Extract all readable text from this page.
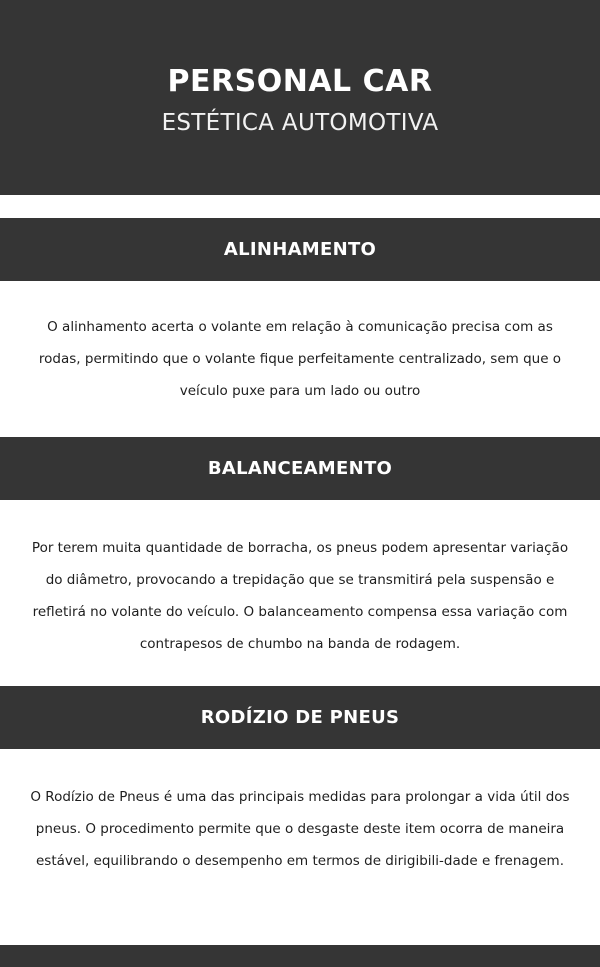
PERSONAL CAR
ESTÉTICA AUTOMOTIVA
ALINHAMENTO
O alinhamento acerta o volante em relação à comunicação precisa com as rodas, permitindo que o volante fique perfeitamente centralizado, sem que o veículo puxe para um lado ou outro
BALANCEAMENTO
Por terem muita quantidade de borracha, os pneus podem apresentar variação do diâmetro, provocando a trepidação que se transmitirá pela suspensão e refletirá no volante do veículo. O balanceamento compensa essa variação com contrapesos de chumbo na banda de rodagem.
RODÍZIO DE PNEUS
O Rodízio de Pneus é uma das principais medidas para prolongar a vida útil dos pneus. O procedimento permite que o desgaste deste item ocorra de maneira estável, equilibrando o desempenho em termos de dirigibili-dade e frenagem.
